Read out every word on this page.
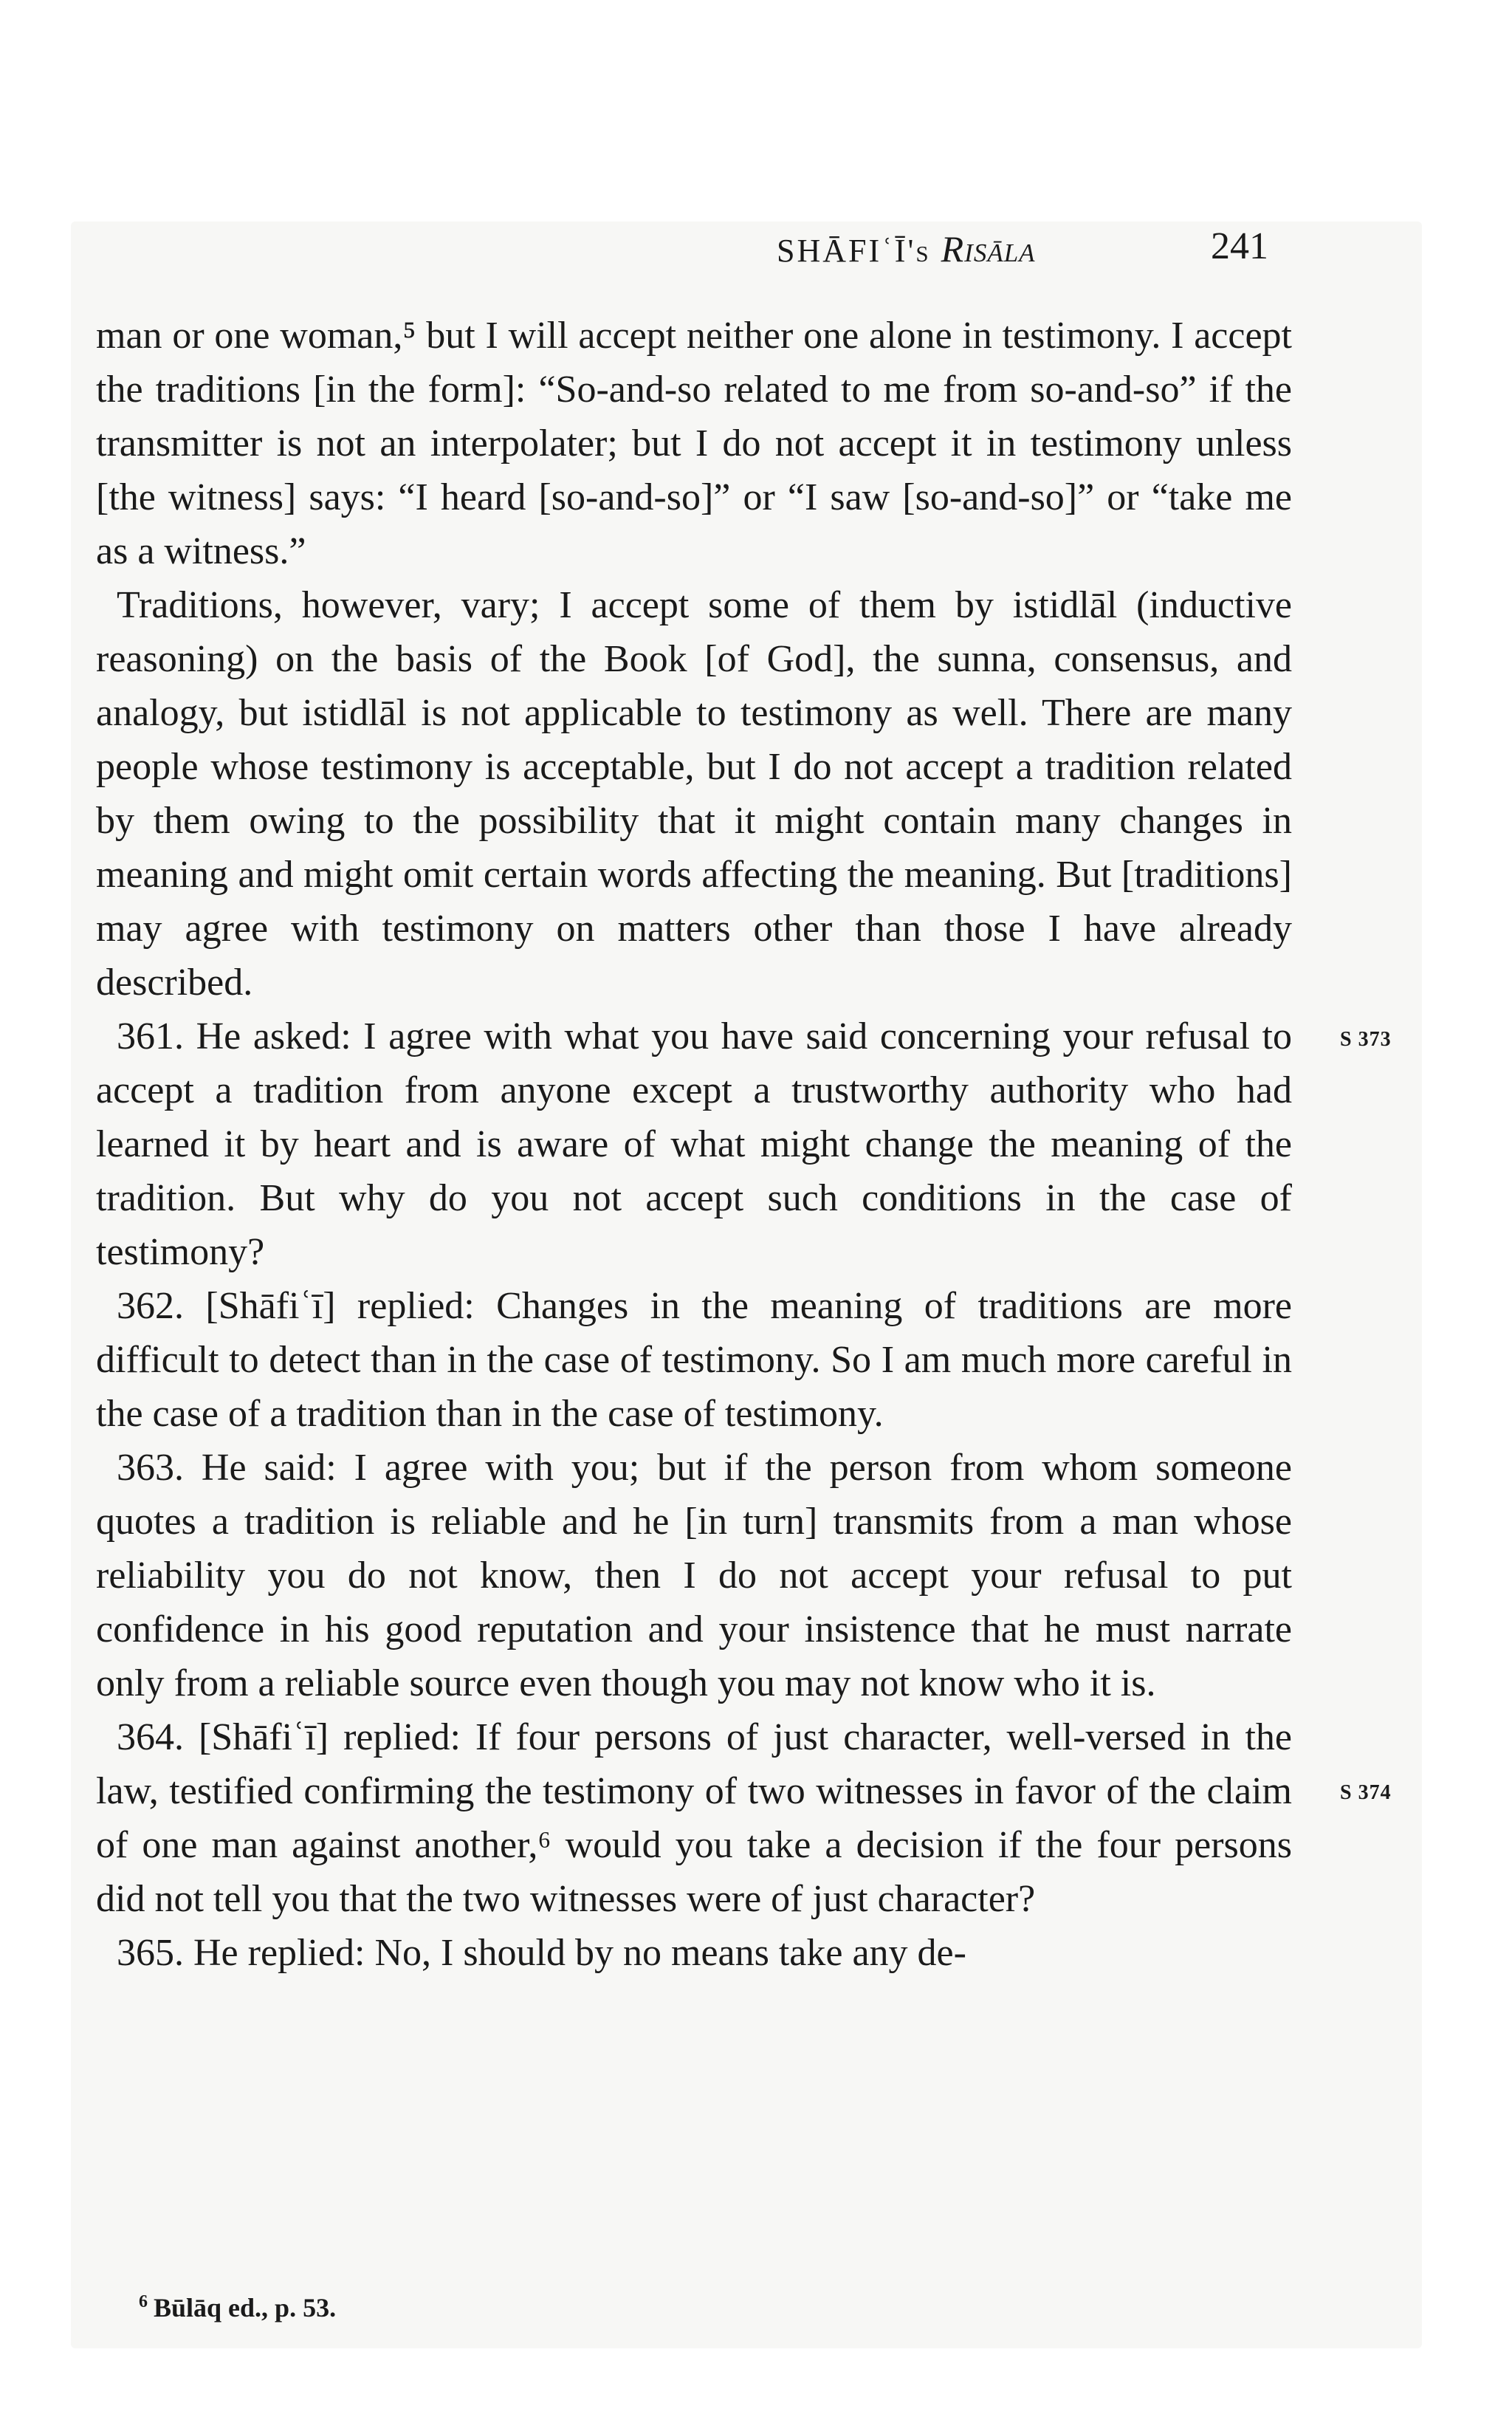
SHĀFIʿĪ's Risāla	241

man or one woman,⁵ but I will accept neither one alone in testimony. I accept the traditions [in the form]: “So-and-so related to me from so-and-so” if the transmitter is not an interpolater; but I do not accept it in testimony unless [the witness] says: “I heard [so-and-so]” or “I saw [so-and-so]” or “take me as a witness.”

Traditions, however, vary; I accept some of them by istidlāl (inductive reasoning) on the basis of the Book [of God], the sunna, consensus, and analogy, but istidlāl is not applicable to testimony as well. There are many people whose testimony is acceptable, but I do not accept a tradition related by them owing to the possibility that it might contain many changes in meaning and might omit certain words affecting the meaning. But [traditions] may agree with testimony on matters other than those I have already described.

361. He asked: I agree with what you have said concerning your refusal to accept a tradition from anyone except a trustworthy authority who had learned it by heart and is aware of what might change the meaning of the tradition. But why do you not accept such conditions in the case of testimony?

362. [Shāfiʿī] replied: Changes in the meaning of traditions are more difficult to detect than in the case of testimony. So I am much more careful in the case of a tradition than in the case of testimony.

363. He said: I agree with you; but if the person from whom someone quotes a tradition is reliable and he [in turn] transmits from a man whose reliability you do not know, then I do not accept your refusal to put confidence in his good reputation and your insistence that he must narrate only from a reliable source even though you may not know who it is.

364. [Shāfiʿī] replied: If four persons of just character, well-versed in the law, testified confirming the testimony of two witnesses in favor of the claim of one man against another,⁶ would you take a decision if the four persons did not tell you that the two witnesses were of just character?

365. He replied: No, I should by no means take any de-

S 373
S 374
$^6$ Būlāq ed., p. 53.
